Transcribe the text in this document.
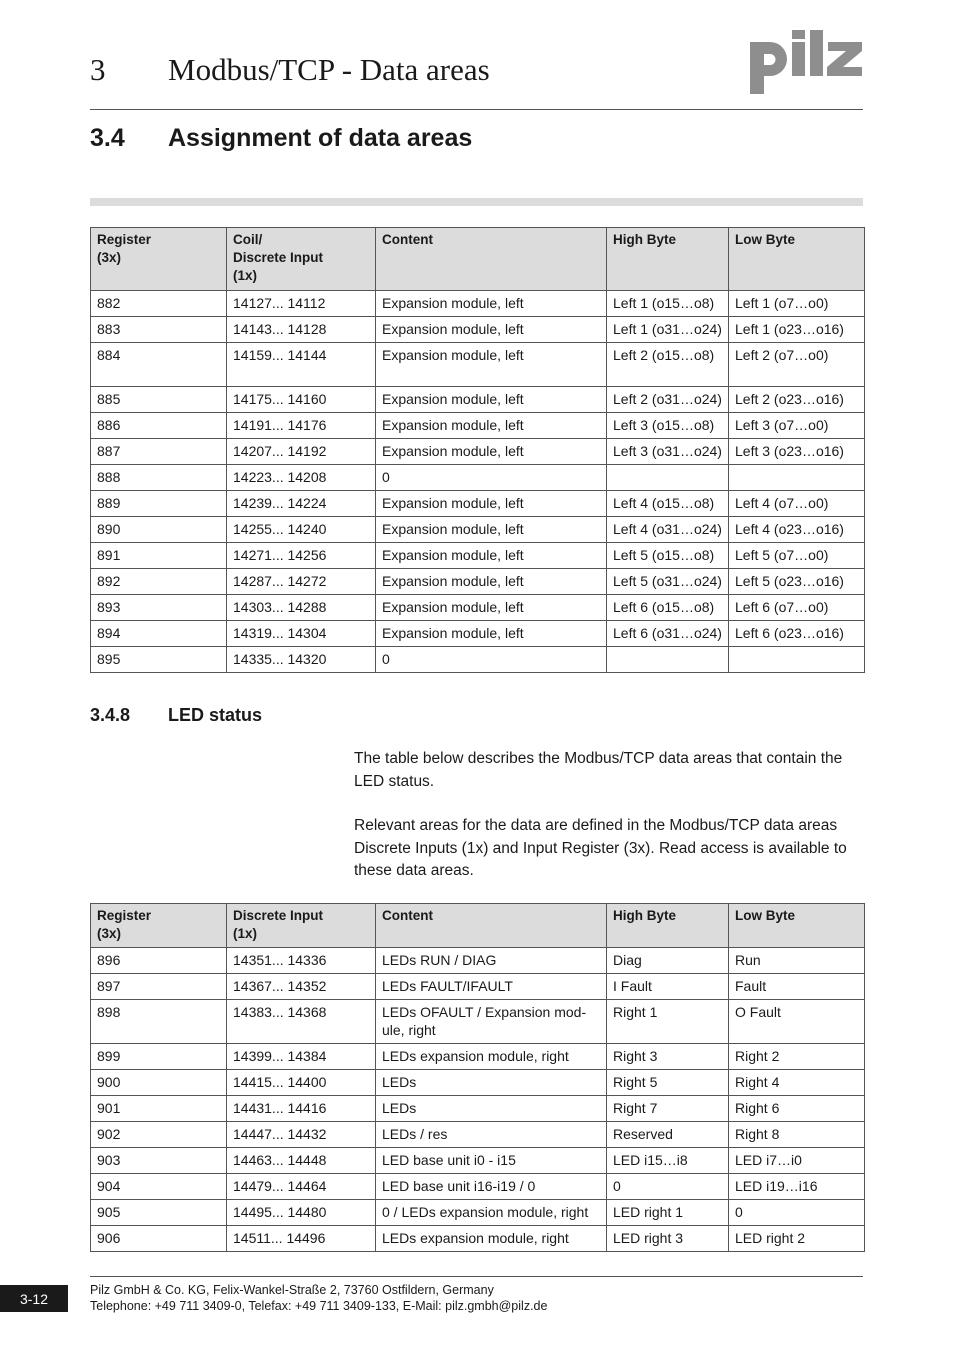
3 Modbus/TCP - Data areas
3.4 Assignment of data areas
Register
(3x)	Coil/
Discrete Input
(1x)	Content	High Byte	Low Byte
882	14127... 14112	Expansion module, left	Left 1 (o15…o8)	Left 1 (o7…o0)
883	14143... 14128	Expansion module, left	Left 1 (o31…o24)	Left 1 (o23…o16)
884	14159... 14144	Expansion module, left	Left 2 (o15…o8)	Left 2 (o7…o0)
885	14175... 14160	Expansion module, left	Left 2 (o31…o24)	Left 2 (o23…o16)
886	14191... 14176	Expansion module, left	Left 3 (o15…o8)	Left 3 (o7…o0)
887	14207... 14192	Expansion module, left	Left 3 (o31…o24)	Left 3 (o23…o16)
888	14223... 14208	0		
889	14239... 14224	Expansion module, left	Left 4 (o15…o8)	Left 4 (o7…o0)
890	14255... 14240	Expansion module, left	Left 4 (o31…o24)	Left 4 (o23…o16)
891	14271... 14256	Expansion module, left	Left 5 (o15…o8)	Left 5 (o7…o0)
892	14287... 14272	Expansion module, left	Left 5 (o31…o24)	Left 5 (o23…o16)
893	14303... 14288	Expansion module, left	Left 6 (o15…o8)	Left 6 (o7…o0)
894	14319... 14304	Expansion module, left	Left 6 (o31…o24)	Left 6 (o23…o16)
895	14335... 14320	0		
3.4.8 LED status

The table below describes the Modbus/TCP data areas that contain the LED status.

Relevant areas for the data are defined in the Modbus/TCP data areas Discrete Inputs (1x) and Input Register (3x). Read access is available to these data areas.

Register
(3x)	Discrete Input
(1x)	Content	High Byte	Low Byte
896	14351... 14336	LEDs RUN / DIAG	Diag	Run
897	14367... 14352	LEDs FAULT/IFAULT	I Fault	Fault
898	14383... 14368	LEDs OFAULT / Expansion mod-
ule, right	Right 1	O Fault
899	14399... 14384	LEDs expansion module, right	Right 3	Right 2
900	14415... 14400	LEDs	Right 5	Right 4
901	14431... 14416	LEDs	Right 7	Right 6
902	14447... 14432	LEDs / res	Reserved	Right 8
903	14463... 14448	LED base unit i0 - i15	LED i15…i8	LED i7…i0
904	14479... 14464	LED base unit i16-i19 / 0	0	LED i19…i16
905	14495... 14480	0 / LEDs expansion module, right	LED right 1	0
906	14511... 14496	LEDs expansion module, right	LED right 3	LED right 2
3-12
Pilz GmbH & Co. KG, Felix-Wankel-Straße 2, 73760 Ostfildern, Germany
Telephone: +49 711 3409-0, Telefax: +49 711 3409-133, E-Mail: pilz.gmbh@pilz.de
